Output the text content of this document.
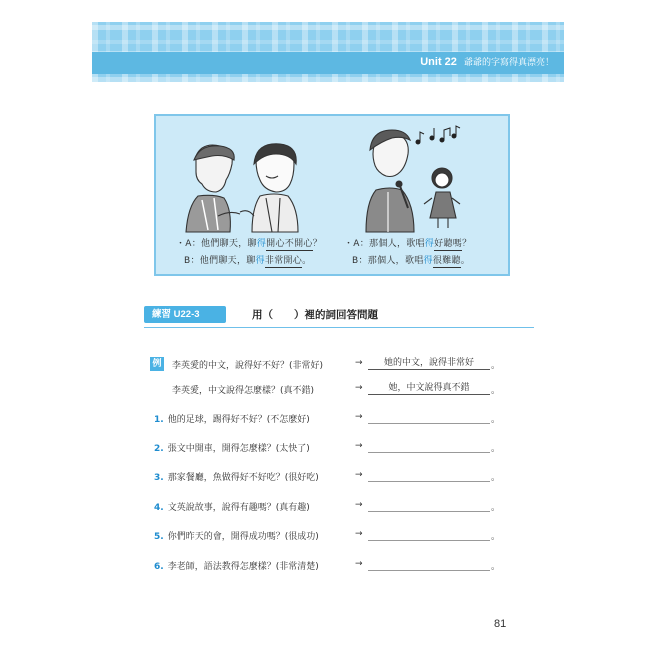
Unit 22 爺爺的字寫得真漂亮！
・A：他們聊天，聊得開心不開心？
B：他們聊天，聊得非常開心。
・A：那個人，歌唱得好聽嗎？
B：那個人，歌唱得很難聽。
練習 U22-3	用（　　）裡的詞回答問題
例 李英愛的中文，說得好不好？(非常好)	→	她的中文，說得非常好	。
李英愛，中文說得怎麼樣？(真不錯)	→	她，中文說得真不錯	。
1. 他的足球，踢得好不好？(不怎麼好)	→	。
2. 張文中開車，開得怎麼樣？(太快了)	→	。
3. 那家餐廳，魚做得好不好吃？(很好吃)	→	。
4. 文英說故事，說得有趣嗎？(真有趣)	→	。
5. 你們昨天的會，開得成功嗎？(很成功)	→	。
6. 李老師，語法教得怎麼樣？(非常清楚)	→	。
81
